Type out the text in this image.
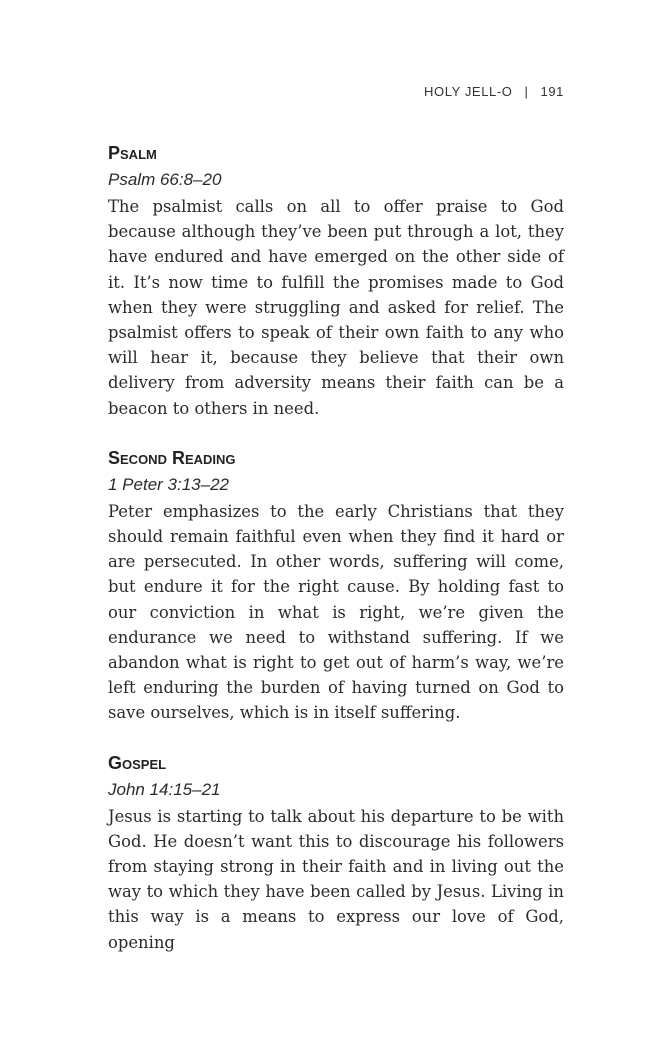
HOLY JELL-O | 191
Psalm

Psalm 66:8–20

The psalmist calls on all to offer praise to God because although they’ve been put through a lot, they have endured and have emerged on the other side of it. It’s now time to fulfill the promises made to God when they were struggling and asked for relief. The psalmist offers to speak of their own faith to any who will hear it, because they believe that their own delivery from adversity means their faith can be a beacon to others in need.

Second Reading

1 Peter 3:13–22

Peter emphasizes to the early Christians that they should remain faithful even when they find it hard or are persecuted. In other words, suffering will come, but endure it for the right cause. By holding fast to our conviction in what is right, we’re given the endurance we need to withstand suffering. If we abandon what is right to get out of harm’s way, we’re left enduring the burden of having turned on God to save ourselves, which is in itself suffering.

Gospel

John 14:15–21

Jesus is starting to talk about his departure to be with God. He doesn’t want this to discourage his followers from staying strong in their faith and in living out the way to which they have been called by Jesus. Living in this way is a means to express our love of God, opening
